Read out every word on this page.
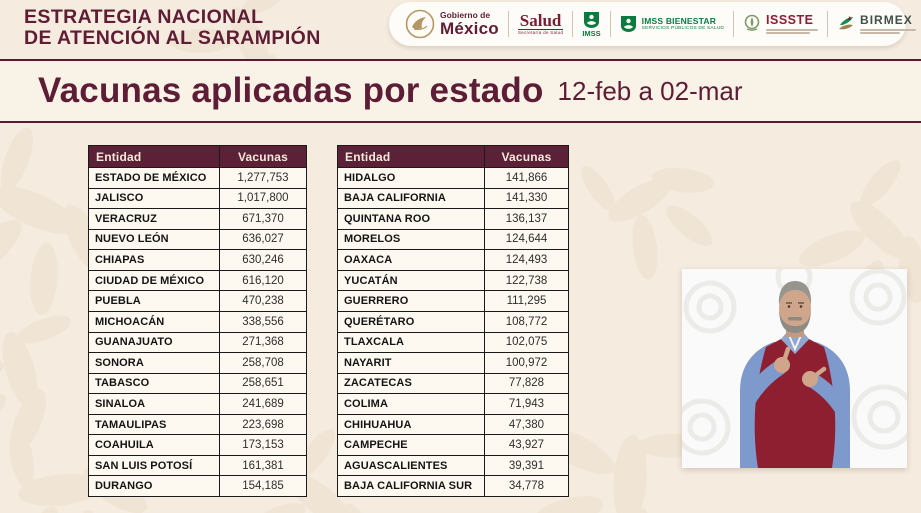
ESTRATEGIA NACIONAL
DE ATENCIÓN AL SARAMPIÓN
Gobierno de
México Salud
Secretaría de Salud	IMSS
IMSS BIENESTAR
SERVICIOS PÚBLICOS DE SALUD
ISSSTE	BIRMEX
Vacunas aplicadas por estado 12-feb a 02-mar
Entidad	Vacunas
ESTADO DE MÉXICO	1,277,753
JALISCO	1,017,800
VERACRUZ	671,370
NUEVO LEÓN	636,027
CHIAPAS	630,246
CIUDAD DE MÉXICO	616,120
PUEBLA	470,238
MICHOACÁN	338,556
GUANAJUATO	271,368
SONORA	258,708
TABASCO	258,651
SINALOA	241,689
TAMAULIPAS	223,698
COAHUILA	173,153
SAN LUIS POTOSÍ	161,381
DURANGO	154,185
Entidad	Vacunas
HIDALGO	141,866
BAJA CALIFORNIA	141,330
QUINTANA ROO	136,137
MORELOS	124,644
OAXACA	124,493
YUCATÁN	122,738
GUERRERO	111,295
QUERÉTARO	108,772
TLAXCALA	102,075
NAYARIT	100,972
ZACATECAS	77,828
COLIMA	71,943
CHIHUAHUA	47,380
CAMPECHE	43,927
AGUASCALIENTES	39,391
BAJA CALIFORNIA SUR	34,778
